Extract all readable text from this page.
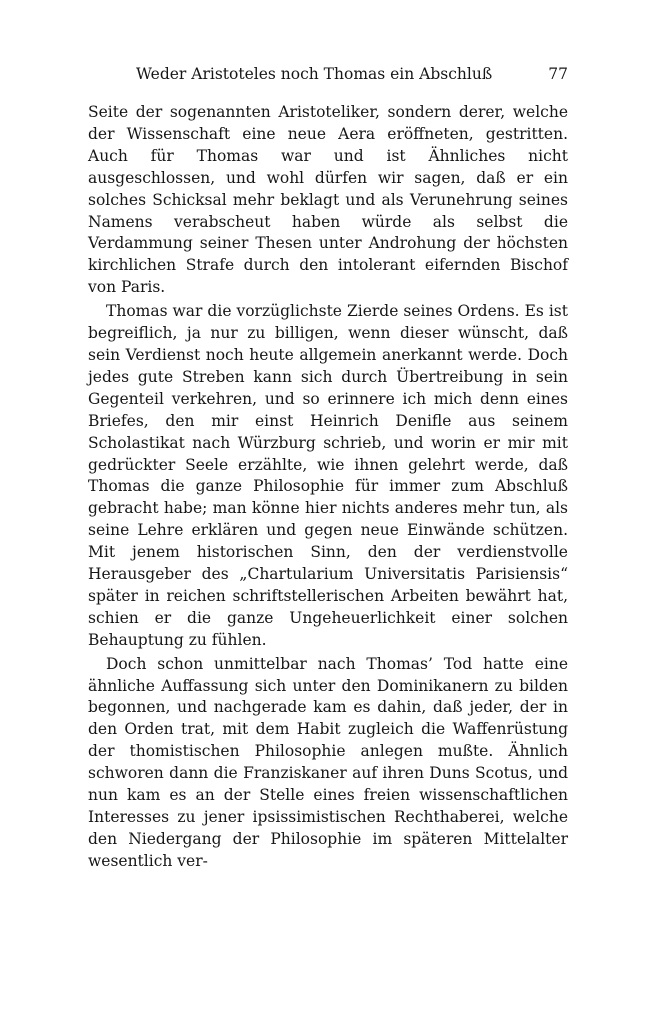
Weder Aristoteles noch Thomas ein Abschluß	77

Seite der sogenannten Aristoteliker, sondern derer, welche der Wissenschaft eine neue Aera eröffneten, gestritten. Auch für Thomas war und ist Ähnliches nicht ausgeschlossen, und wohl dürfen wir sagen, daß er ein solches Schicksal mehr beklagt und als Verunehrung seines Namens verabscheut haben würde als selbst die Verdammung seiner Thesen unter Androhung der höchsten kirchlichen Strafe durch den intolerant eifernden Bischof von Paris.

Thomas war die vorzüglichste Zierde seines Ordens. Es ist begreiflich, ja nur zu billigen, wenn dieser wünscht, daß sein Verdienst noch heute allgemein anerkannt werde. Doch jedes gute Streben kann sich durch Übertreibung in sein Gegenteil verkehren, und so erinnere ich mich denn eines Briefes, den mir einst Heinrich Denifle aus seinem Scholastikat nach Würzburg schrieb, und worin er mir mit gedrückter Seele erzählte, wie ihnen gelehrt werde, daß Thomas die ganze Philosophie für immer zum Abschluß gebracht habe; man könne hier nichts anderes mehr tun, als seine Lehre erklären und gegen neue Einwände schützen. Mit jenem historischen Sinn, den der verdienstvolle Herausgeber des „Chartularium Universitatis Parisiensis“ später in reichen schriftstellerischen Arbeiten bewährt hat, schien er die ganze Ungeheuerlichkeit einer solchen Behauptung zu fühlen.

Doch schon unmittelbar nach Thomas’ Tod hatte eine ähnliche Auffassung sich unter den Dominikanern zu bilden begonnen, und nachgerade kam es dahin, daß jeder, der in den Orden trat, mit dem Habit zugleich die Waffenrüstung der thomistischen Philosophie anlegen mußte. Ähnlich schworen dann die Franziskaner auf ihren Duns Scotus, und nun kam es an der Stelle eines freien wissenschaftlichen Interesses zu jener ipsissimistischen Rechthaberei, welche den Niedergang der Philosophie im späteren Mittelalter wesentlich ver-
